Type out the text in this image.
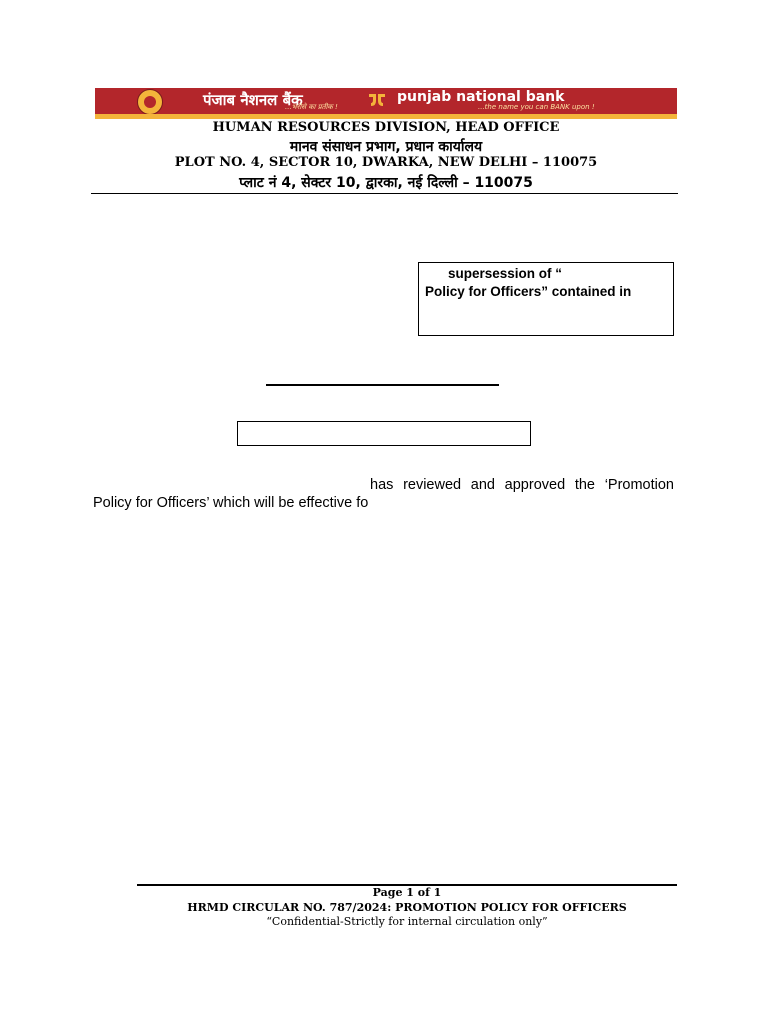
पंजाब नैशनल बैंक
...भरोसे का प्रतीक !
punjab national bank
...the name you can BANK upon !
HUMAN RESOURCES DIVISION, HEAD OFFICE
मानव संसाधन प्रभाग, प्रधान कार्यालय
PLOT NO. 4, SECTOR 10, DWARKA, NEW DELHI – 110075
प्लाट नं 4, सेक्टर 10, द्वारका, नई दिल्ली – 110075
supersession of “
Policy for Officers” contained in
has reviewed and approved the ‘Promotion
Policy for Officers’ which will be effective fo
Page 1 of 1
HRMD CIRCULAR NO. 787/2024: PROMOTION POLICY FOR OFFICERS
“Confidential-Strictly for internal circulation only”
